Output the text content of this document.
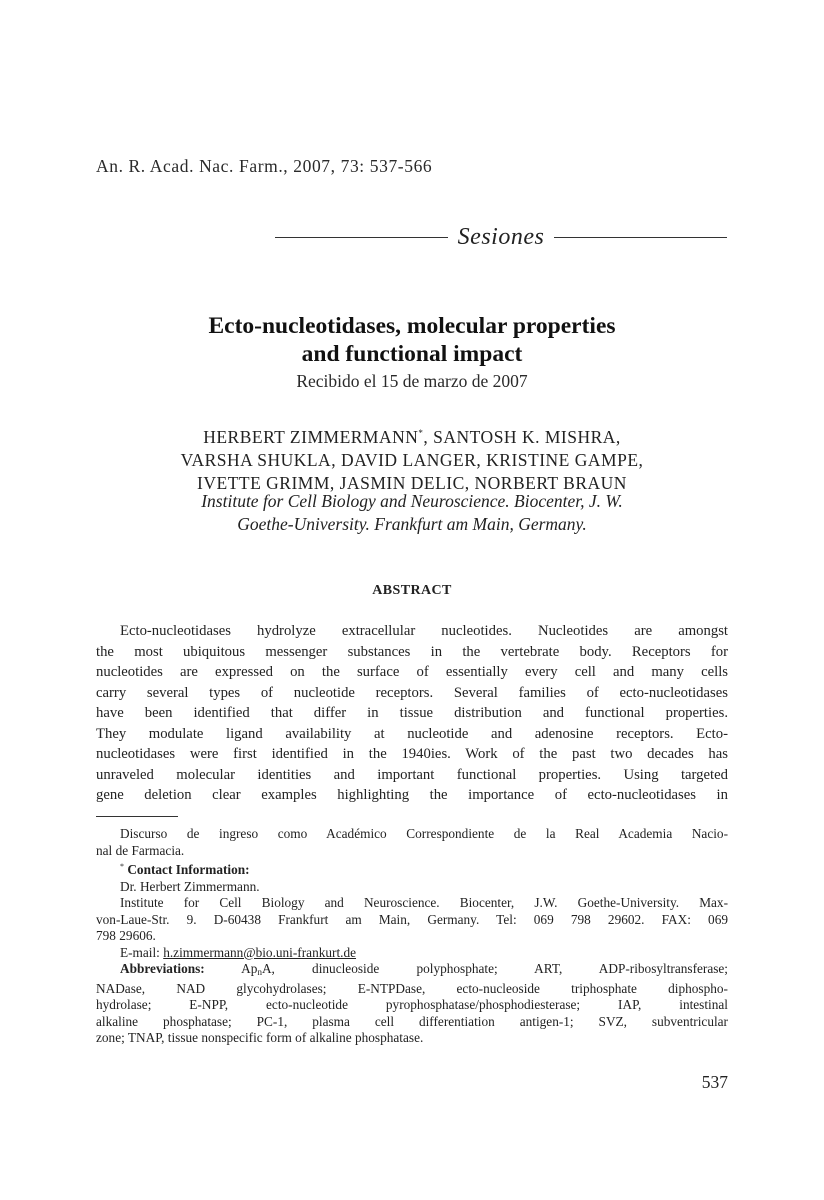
An. R. Acad. Nac. Farm., 2007, 73: 537-566
Sesiones
Ecto-nucleotidases, molecular properties
and functional impact
Recibido el 15 de marzo de 2007
HERBERT ZIMMERMANN*, SANTOSH K. MISHRA,
VARSHA SHUKLA, DAVID LANGER, KRISTINE GAMPE,
IVETTE GRIMM, JASMIN DELIC, NORBERT BRAUN
Institute for Cell Biology and Neuroscience. Biocenter, J. W.
Goethe-University. Frankfurt am Main, Germany.
ABSTRACT
Ecto-nucleotidases hydrolyze extracellular nucleotides. Nucleotides are amongst
the most ubiquitous messenger substances in the vertebrate body. Receptors for
nucleotides are expressed on the surface of essentially every cell and many cells
carry several types of nucleotide receptors. Several families of ecto-nucleotidases
have been identified that differ in tissue distribution and functional properties.
They modulate ligand availability at nucleotide and adenosine receptors. Ecto-
nucleotidases were first identified in the 1940ies. Work of the past two decades has
unraveled molecular identities and important functional properties. Using targeted
gene deletion clear examples highlighting the importance of ecto-nucleotidases in
Discurso de ingreso como Académico Correspondiente de la Real Academia Nacio-
nal de Farmacia.
* Contact Information:
Dr. Herbert Zimmermann.
Institute for Cell Biology and Neuroscience. Biocenter, J.W. Goethe-University. Max-
von-Laue-Str. 9. D-60438 Frankfurt am Main, Germany. Tel: 069 798 29602. FAX: 069
798 29606.
E-mail: h.zimmermann@bio.uni-frankurt.de
Abbreviations: $Ap_nA$, dinucleoside polyphosphate; ART, ADP-ribosyltransferase;
NADase, NAD glycohydrolases; E-NTPDase, ecto-nucleoside triphosphate diphospho-
hydrolase; E-NPP, ecto-nucleotide pyrophosphatase/phosphodiesterase; IAP, intestinal
alkaline phosphatase; PC-1, plasma cell differentiation antigen-1; SVZ, subventricular
zone; TNAP, tissue nonspecific form of alkaline phosphatase.
537
